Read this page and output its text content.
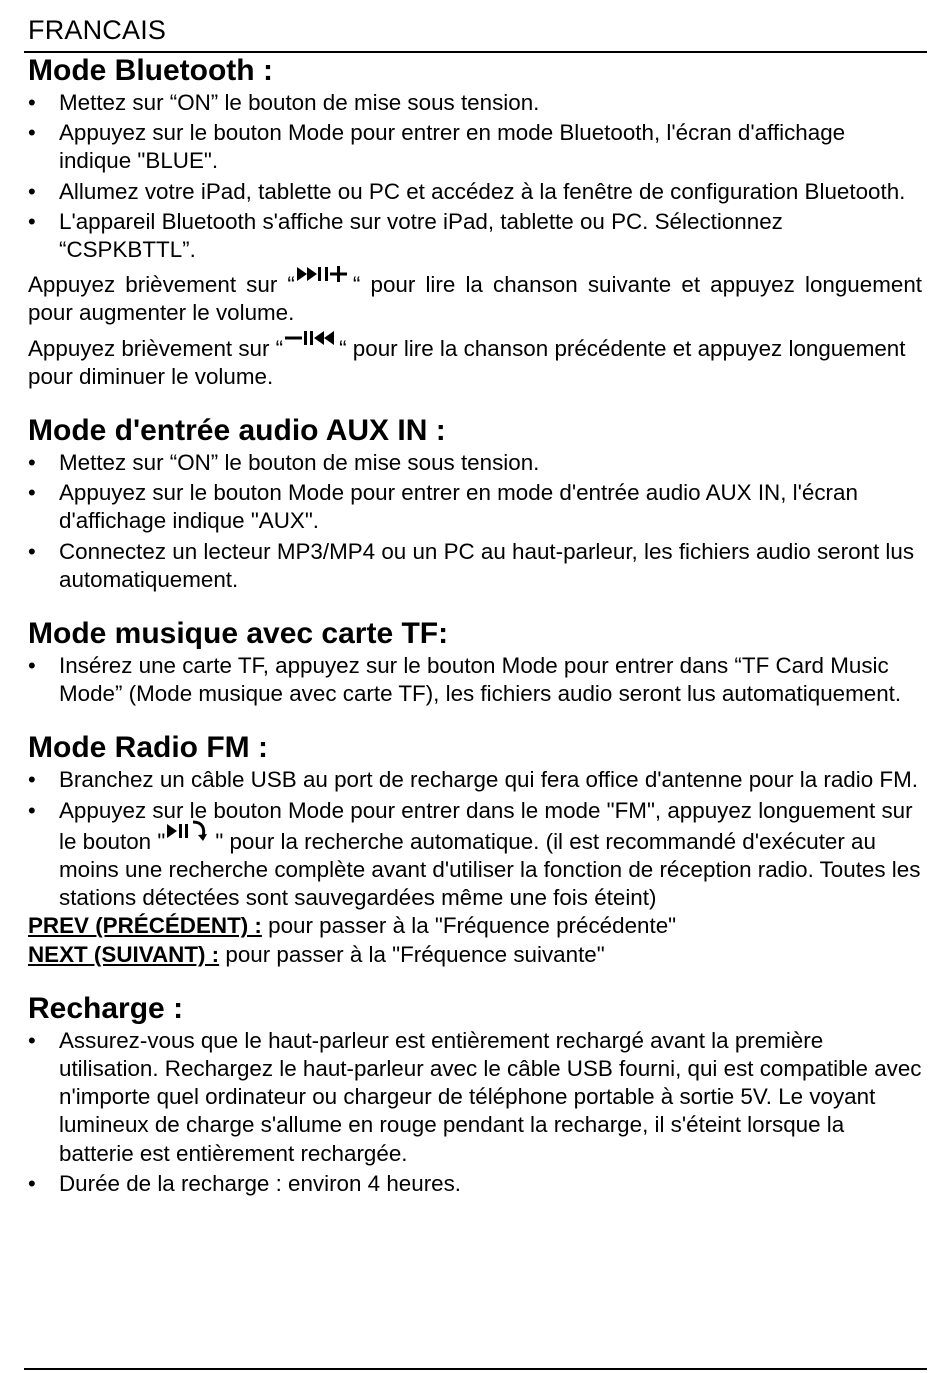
FRANCAIS
Mode Bluetooth :
• Mettez sur “ON” le bouton de mise sous tension.
• Appuyez sur le bouton Mode pour entrer en mode Bluetooth, l'écran d'affichage indique "BLUE".
• Allumez votre iPad, tablette ou PC et accédez à la fenêtre de configuration Bluetooth.
• L'appareil Bluetooth s'affiche sur votre iPad, tablette ou PC. Sélectionnez “CSPKBTTL”.

Appuyez brièvement sur “	“ pour lire la chanson suivante et appuyez longuement pour augmenter le volume.

Appuyez brièvement sur “	“ pour lire la chanson précédente et appuyez longuement pour diminuer le volume.

Mode d'entrée audio AUX IN :
• Mettez sur “ON” le bouton de mise sous tension.
• Appuyez sur le bouton Mode pour entrer en mode d'entrée audio AUX IN, l'écran d'affichage indique "AUX".
• Connectez un lecteur MP3/MP4 ou un PC au haut-parleur, les fichiers audio seront lus automatiquement.
Mode musique avec carte TF:
• Insérez une carte TF, appuyez sur le bouton Mode pour entrer dans “TF Card Music Mode” (Mode musique avec carte TF), les fichiers audio seront lus automatiquement.
Mode Radio FM :
• Branchez un câble USB au port de recharge qui fera office d'antenne pour la radio FM.
• Appuyez sur le bouton Mode pour entrer dans le mode "FM", appuyez longuement sur le bouton " " pour la recherche automatique. (il est recommandé d'exécuter au moins une recherche complète avant d'utiliser la fonction de réception radio. Toutes les stations détectées sont sauvegardées même une fois éteint)

PREV (PRÉCÉDENT) : pour passer à la "Fréquence précédente"

NEXT (SUIVANT) : pour passer à la "Fréquence suivante"

Recharge :
• Assurez-vous que le haut-parleur est entièrement rechargé avant la première utilisation. Rechargez le haut-parleur avec le câble USB fourni, qui est compatible avec n'importe quel ordinateur ou chargeur de téléphone portable à sortie 5V. Le voyant lumineux de charge s'allume en rouge pendant la recharge, il s'éteint lorsque la batterie est entièrement rechargée.
• Durée de la recharge : environ 4 heures.
